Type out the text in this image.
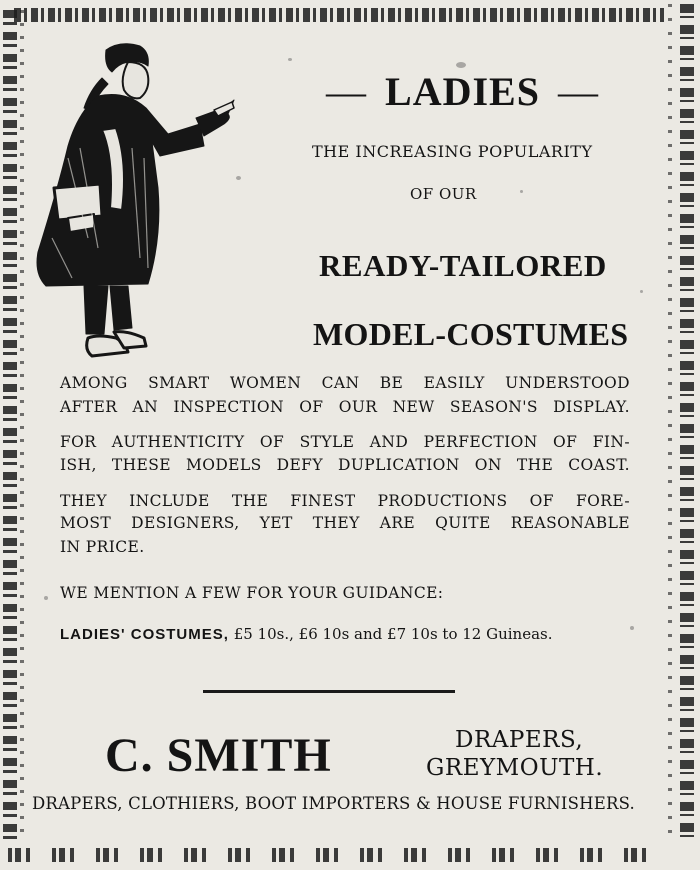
— LADIES —

THE INCREASING POPULARITY

OF OUR

READY-TAILORED

MODEL-COSTUMES

AMONG SMART WOMEN CAN BE EASILY UNDERSTOOD

AFTER AN INSPECTION OF OUR NEW SEASON'S DISPLAY.

FOR AUTHENTICITY OF STYLE AND PERFECTION OF FIN-

ISH, THESE MODELS DEFY DUPLICATION ON THE COAST.

THEY INCLUDE THE FINEST PRODUCTIONS OF FORE-

MOST DESIGNERS, YET THEY ARE QUITE REASONABLE

IN PRICE.

WE MENTION A FEW FOR YOUR GUIDANCE:

LADIES' COSTUMES, £5 10s., £6 10s and £7 10s to 12 Guineas.

C. SMITH	DRAPERS,

GREYMOUTH.

DRAPERS, CLOTHIERS, BOOT IMPORTERS & HOUSE FURNISHERS.
